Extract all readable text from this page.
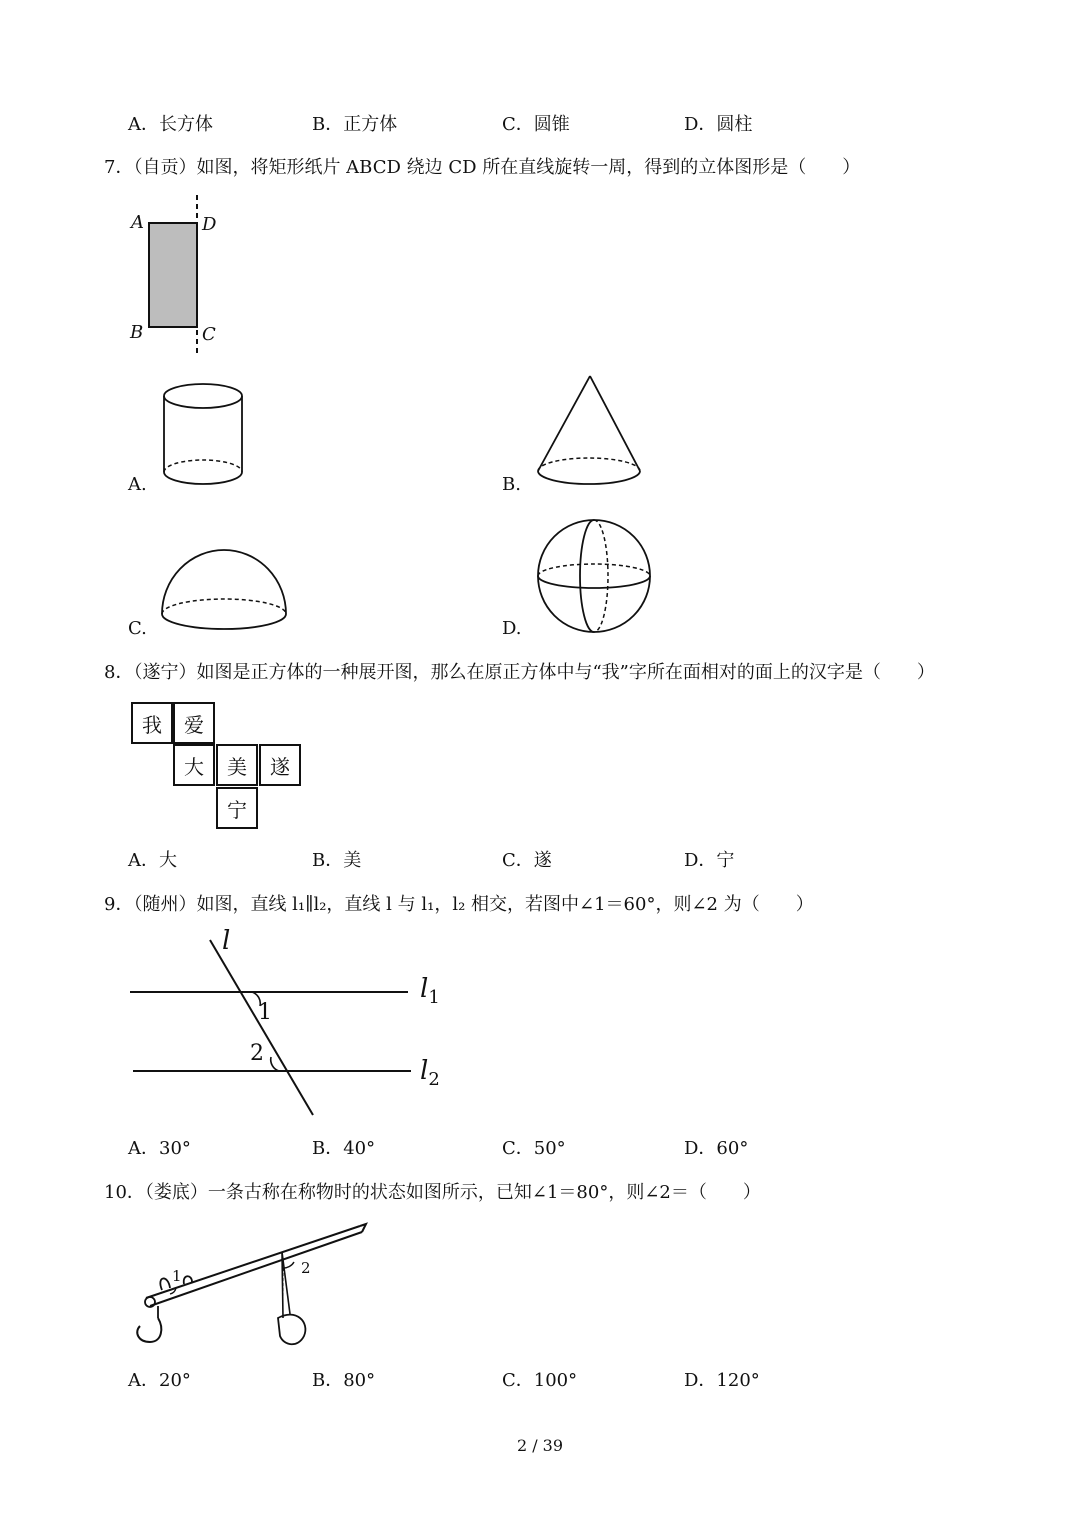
A．长方体	B．正方体	C．圆锥	D．圆柱
7．（自贡）如图，将矩形纸片 ABCD 绕边 CD 所在直线旋转一周，得到的立体图形是（　　）
A	D
B	C
A.	B.
C.	D.
8．（遂宁）如图是正方体的一种展开图，那么在原正方体中与“我”字所在面相对的面上的汉字是（　　）
我	爱
大	美	遂
宁
A．大	B．美	C．遂	D．宁
9．（随州）如图，直线 l₁∥l₂，直线 l 与 l₁，l₂ 相交，若图中∠1＝60°，则∠2 为（　　）
l
$l_1$
$l_2$
1
2
A．30°	B．40°	C．50°	D．60°
10．（娄底）一条古称在称物时的状态如图所示，已知∠1＝80°，则∠2＝（　　）
1	2
A．20°	B．80°	C．100°	D．120°
2 / 39
